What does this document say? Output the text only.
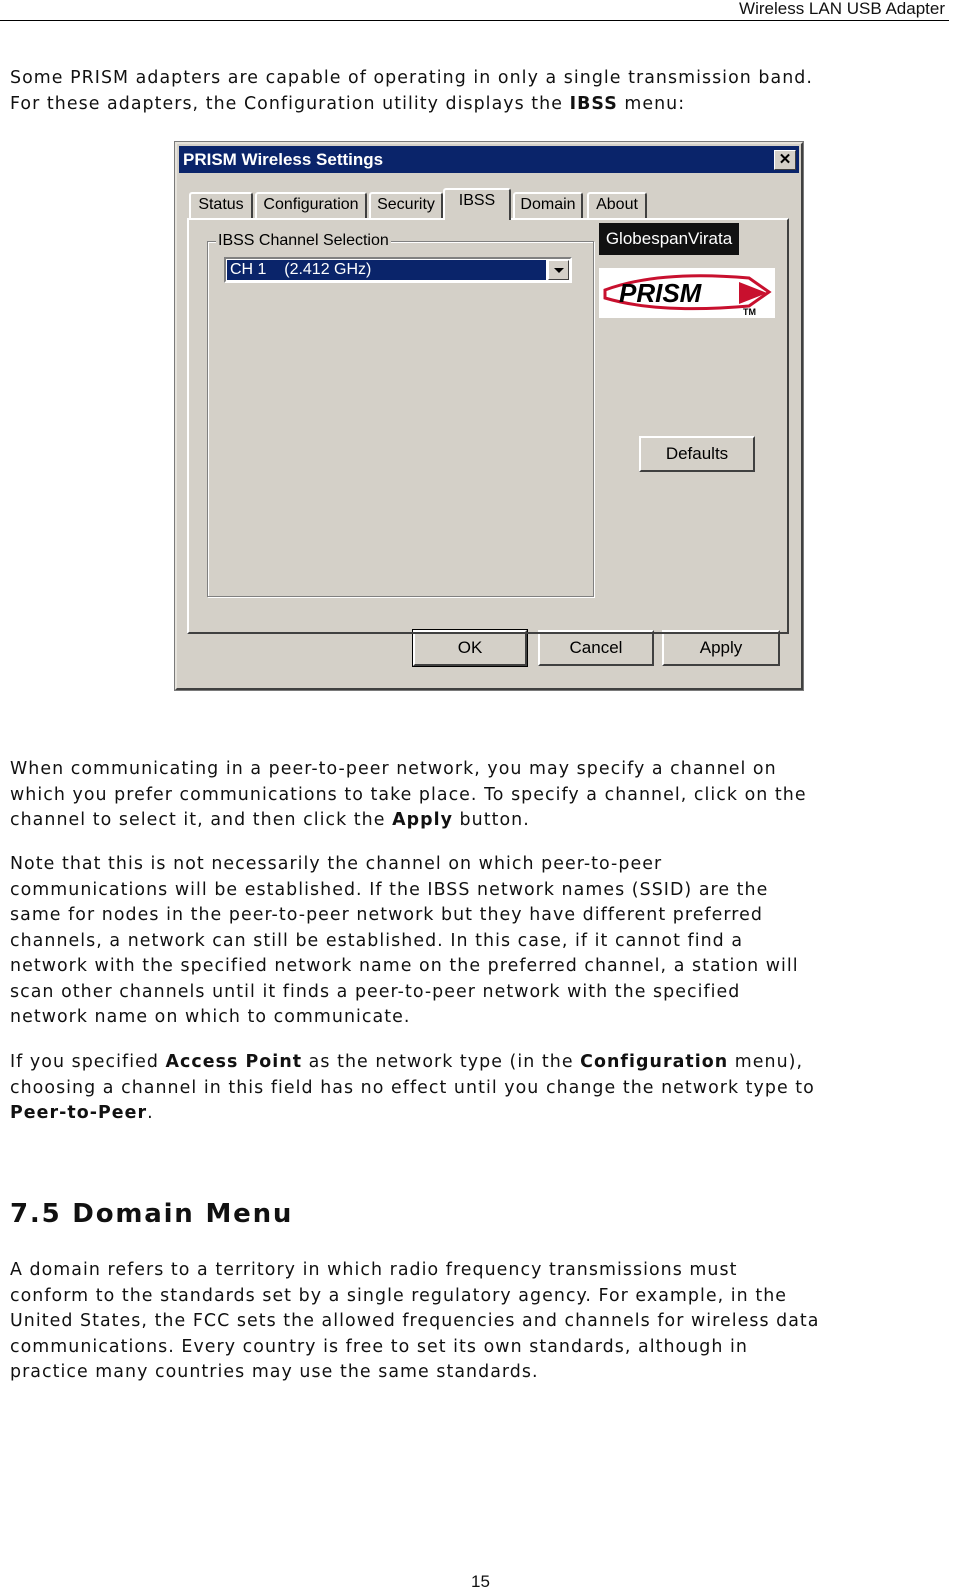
Wireless LAN USB Adapter
Some PRISM adapters are capable of operating in only a single transmission band.
For these adapters, the Configuration utility displays the IBSS menu:
PRISM Wireless Settings	✕
Status	Configuration	Security	IBSS	Domain	About
IBSS Channel Selection
CH 1    (2.412 GHz)
GlobespanVirata
PRISM
TM
Defaults
OK	Cancel	Apply
When communicating in a peer-to-peer network, you may specify a channel on
which you prefer communications to take place. To specify a channel, click on the
channel to select it, and then click the Apply button.
Note that this is not necessarily the channel on which peer-to-peer
communications will be established. If the IBSS network names (SSID) are the
same for nodes in the peer-to-peer network but they have different preferred
channels, a network can still be established. In this case, if it cannot find a
network with the specified network name on the preferred channel, a station will
scan other channels until it finds a peer-to-peer network with the specified
network name on which to communicate.
If you specified Access Point as the network type (in the Configuration menu),
choosing a channel in this field has no effect until you change the network type to
Peer-to-Peer.
7.5 Domain Menu
A domain refers to a territory in which radio frequency transmissions must
conform to the standards set by a single regulatory agency. For example, in the
United States, the FCC sets the allowed frequencies and channels for wireless data
communications. Every country is free to set its own standards, although in
practice many countries may use the same standards.
15
